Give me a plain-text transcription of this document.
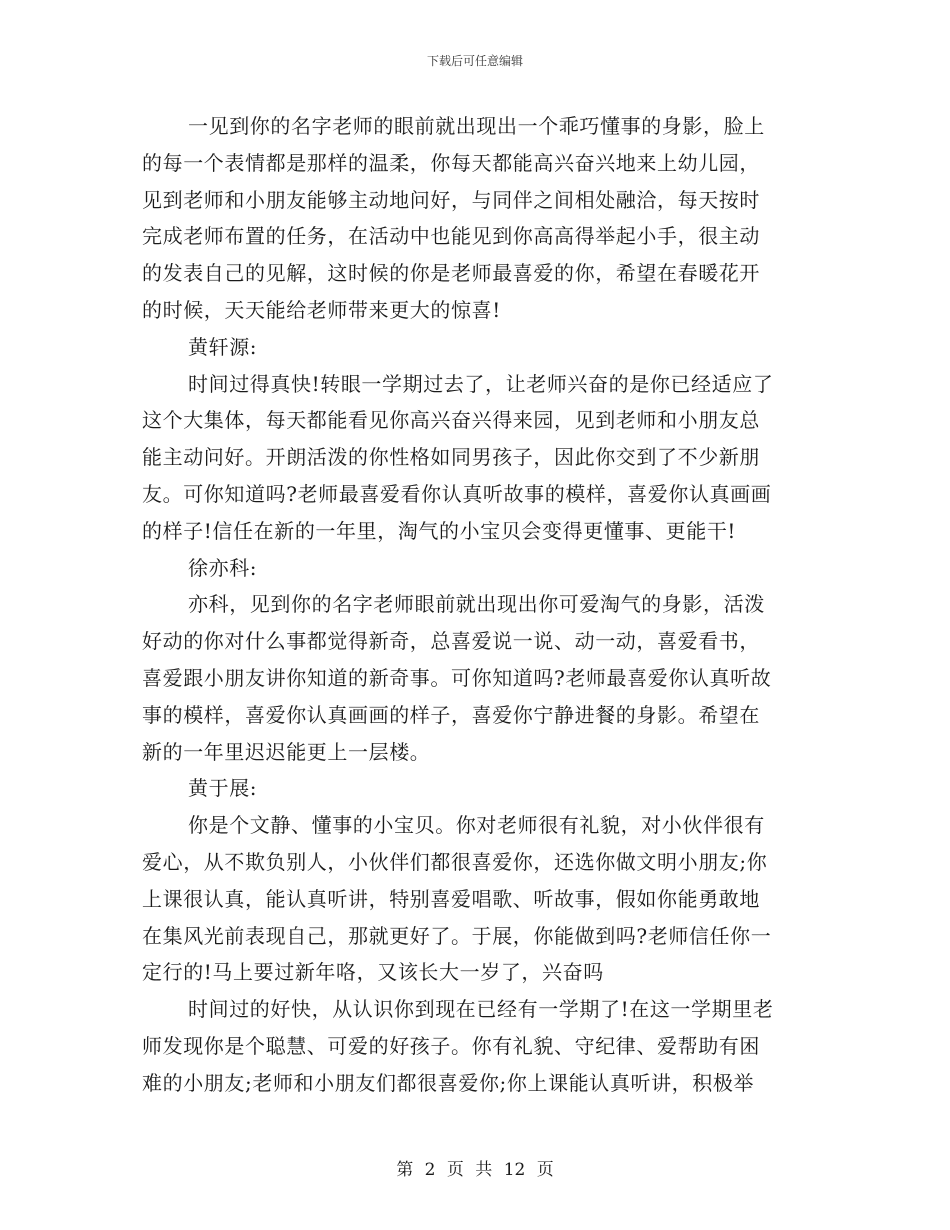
下载后可任意编辑
一见到你的名字老师的眼前就出现出一个乖巧懂事的身影，脸上
的每一个表情都是那样的温柔，你每天都能高兴奋兴地来上幼儿园，
见到老师和小朋友能够主动地问好，与同伴之间相处融洽，每天按时
完成老师布置的任务，在活动中也能见到你高高得举起小手，很主动
的发表自己的见解，这时候的你是老师最喜爱的你，希望在春暖花开
的时候，天天能给老师带来更大的惊喜!
黄轩源:
时间过得真快!转眼一学期过去了，让老师兴奋的是你已经适应了
这个大集体，每天都能看见你高兴奋兴得来园，见到老师和小朋友总
能主动问好。开朗活泼的你性格如同男孩子，因此你交到了不少新朋
友。可你知道吗?老师最喜爱看你认真听故事的模样，喜爱你认真画画
的样子!信任在新的一年里，淘气的小宝贝会变得更懂事、更能干!
徐亦科:
亦科，见到你的名字老师眼前就出现出你可爱淘气的身影，活泼
好动的你对什么事都觉得新奇，总喜爱说一说、动一动，喜爱看书，
喜爱跟小朋友讲你知道的新奇事。可你知道吗?老师最喜爱你认真听故
事的模样，喜爱你认真画画的样子，喜爱你宁静进餐的身影。希望在
新的一年里迟迟能更上一层楼。
黄于展:
你是个文静、懂事的小宝贝。你对老师很有礼貌，对小伙伴很有
爱心，从不欺负别人，小伙伴们都很喜爱你，还选你做文明小朋友;你
上课很认真，能认真听讲，特别喜爱唱歌、听故事，假如你能勇敢地
在集风光前表现自己，那就更好了。于展，你能做到吗?老师信任你一
定行的!马上要过新年咯，又该长大一岁了，兴奋吗
时间过的好快，从认识你到现在已经有一学期了!在这一学期里老
师发现你是个聪慧、可爱的好孩子。你有礼貌、守纪律、爱帮助有困
难的小朋友;老师和小朋友们都很喜爱你;你上课能认真听讲，积极举
第 2 页 共 12 页
